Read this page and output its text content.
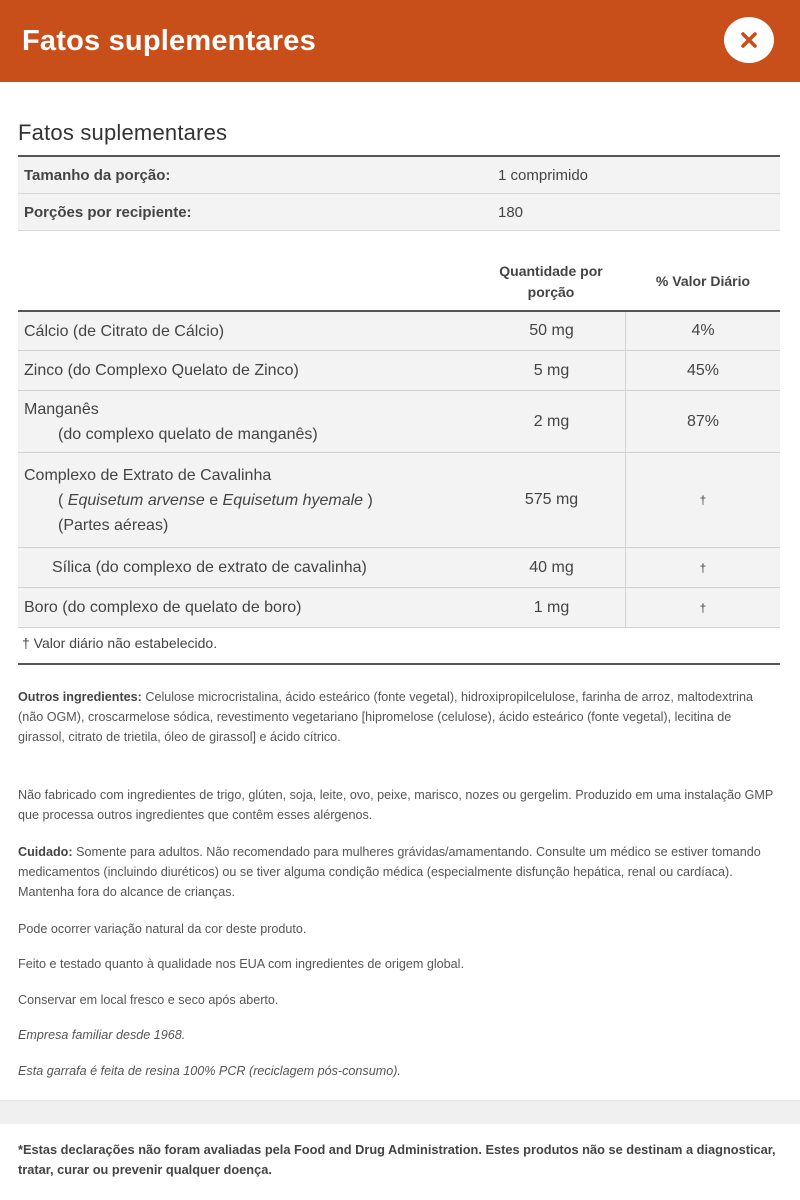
Fatos suplementares
Fatos suplementares
Tamanho da porção:	1 comprimido
Porções por recipiente:	180
Quantidade por
porção
% Valor Diário
Cálcio (de Citrato de Cálcio)	50 mg	4%
Zinco (do Complexo Quelato de Zinco)	5 mg	45%
Manganês
(do complexo quelato de manganês)
2 mg	87%
Complexo de Extrato de Cavalinha
( Equisetum arvense e Equisetum hyemale )
(Partes aéreas)
575 mg	†
Sílica (do complexo de extrato de cavalinha)	40 mg	†
Boro (do complexo de quelato de boro)	1 mg	†
† Valor diário não estabelecido.
Outros ingredientes: Celulose microcristalina, ácido esteárico (fonte vegetal), hidroxipropilcelulose, farinha de arroz, maltodextrina (não OGM), croscarmelose sódica, revestimento vegetariano [hipromelose (celulose), ácido esteárico (fonte vegetal), lecitina de girassol, citrato de trietila, óleo de girassol] e ácido cítrico.
Não fabricado com ingredientes de trigo, glúten, soja, leite, ovo, peixe, marisco, nozes ou gergelim. Produzido em uma instalação GMP que processa outros ingredientes que contêm esses alérgenos.
Cuidado: Somente para adultos. Não recomendado para mulheres grávidas/amamentando. Consulte um médico se estiver tomando medicamentos (incluindo diuréticos) ou se tiver alguma condição médica (especialmente disfunção hepática, renal ou cardíaca). Mantenha fora do alcance de crianças.
Pode ocorrer variação natural da cor deste produto.
Feito e testado quanto à qualidade nos EUA com ingredientes de origem global.
Conservar em local fresco e seco após aberto.
Empresa familiar desde 1968.
Esta garrafa é feita de resina 100% PCR (reciclagem pós-consumo).
*Estas declarações não foram avaliadas pela Food and Drug Administration. Estes produtos não se destinam a diagnosticar, tratar, curar ou prevenir qualquer doença.
